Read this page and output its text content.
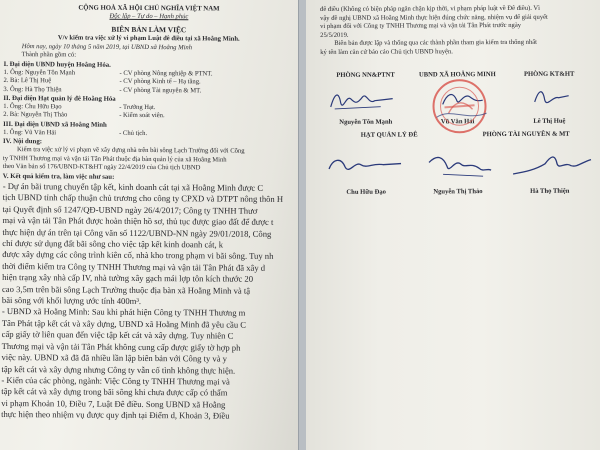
CỘNG HOÀ XÃ HỘI CHỦ NGHĨA VIỆT NAM
Độc lập – Tự do – Hạnh phúc
BIÊN BẢN LÀM VIỆC
V/v kiểm tra việc xử lý vi phạm Luật đê điều tại xã Hoằng Minh.
Hôm nay, ngày 10 tháng 5 năm 2019, tại UBND xã Hoằng Minh
Thành phần gồm có:
I. Đại diện UBND huyện Hoằng Hóa.
1. Ông: Nguyễn Tôn Mạnh	- CV phòng Nông nghiệp & PTNT.
2. Bà: Lê Thị Huệ	- CV phòng Kinh tế – Hạ tầng.
3. Ông: Hà Thọ Thiện	- CV phòng Tài nguyên & MT.
II. Đại diện Hạt quản lý đê Hoằng Hóa
1. Ông: Chu Hữu Đạo	- Trưởng Hạt.
2. Bà: Nguyễn Thị Thảo	- Kiểm soát viên.
III. Đại diện UBND xã Hoằng Minh
1. Ông: Vũ Văn Hải	- Chủ tịch.
IV. Nội dung:
Kiểm tra việc xử lý vi phạm về xây dựng nhà trên bãi sông Lạch Trường đối với Công
ty TNHH Thương mại và vận tải Tân Phát thuộc địa bàn quản lý của xã Hoằng Minh
theo Văn bản số 176/UBND-KT&HT ngày 22/4/2019 của Chủ tịch UBND
V. Kết quả kiểm tra, làm việc như sau:
- Dự án bãi trung chuyển tập kết, kinh doanh cát tại xã Hoằng Minh được C
tịch UBND tỉnh chấp thuận chủ trương cho công ty CPXD và DTPT nông thôn H
tại Quyết định số 1247/QĐ-UBND ngày 26/4/2017; Công ty TNHH Thươ
mại và vận tải Tân Phát được hoàn thiện hồ sơ, thủ tục được giao đất để được t
thực hiện dự án trên tại Công văn số 1122/UBND-NN ngày 29/01/2018, Công
chỉ được sử dụng đất bãi sông cho việc tập kết kinh doanh cát, k
được xây dựng các công trình kiên cố, nhà kho trong phạm vi bãi sông. Tuy nh
thời điểm kiểm tra Công ty TNHH Thương mại và vận tải Tân Phát đã xây d
hiện trạng xây nhà cấp IV, nhà tường xây gạch mái lợp tôn kích thước 20
cao 3,5m trên bãi sông Lạch Trường thuộc địa bàn xã Hoằng Minh và tậ
bãi sông với khối lượng ước tính 400m³.
- UBND xã Hoằng Minh: Sau khi phát hiện Công ty TNHH Thương m
Tân Phát tập kết cát và xây dựng, UBND xã Hoằng Minh đã yêu cầu C
cấp giấy tờ liên quan đến việc tập kết cát và xây dựng. Tuy nhiên C
Thương mại và vận tải Tân Phát không cung cấp được giấy tờ hợp ph
việc này. UBND xã đã đã nhiều lần lập biên bản với Công ty và y
tập kết cát và xây dựng nhưng Công ty vẫn cố tình không thực hiện.
- Kiến của các phòng, ngành: Việc Công ty TNHH Thương mại và
tập kết cát và xây dựng trong bãi sông khi chưa được cấp có thẩm
vi phạm Khoản 10, Điều 7, Luật Đê điều. Song UBND xã Hoằng
thực hiện theo nhiệm vụ được quy định tại Điểm d, Khoản 3, Điều
đê điều (Không có biện pháp ngăn chặn kịp thời, vi phạm pháp luật về Đê điều). Vì
vậy đề nghị UBND xã Hoằng Minh thực hiện đúng chức năng, nhiệm vụ để giải quyết
vi phạm đối với Công ty TNHH Thương mại và vận tải Tân Phát trước ngày
25/5/2019.
Biên bản được lập và thống qua các thành phần tham gia kiểm tra thống nhất
ký tên làm căn cứ báo cáo Chủ tịch UBND huyện.
PHÒNG NN&PTNT	UBND XÃ HOẰNG MINH	PHÒNG KT&HT
Nguyễn Tôn Mạnh	Vũ Văn Hải	Lê Thị Huệ
HẠT QUẢN LÝ ĐÊ	PHÒNG TÀI NGUYÊN & MT
Chu Hữu Đạo	Nguyễn Thị Thảo	Hà Thọ Thiện
